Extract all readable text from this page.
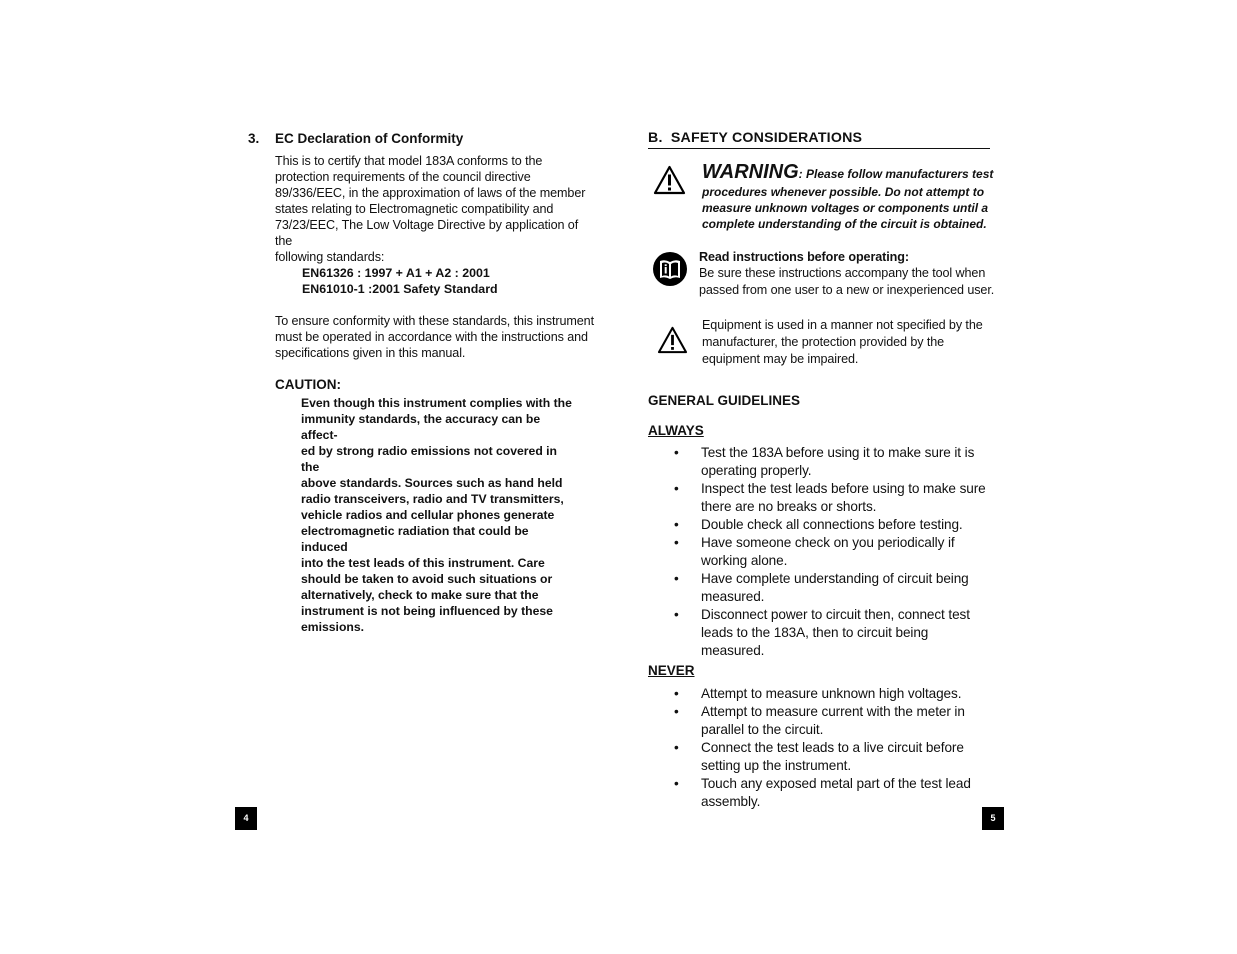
3. EC Declaration of Conformity
This is to certify that model 183A conforms to the
protection requirements of the council directive
89/336/EEC, in the approximation of laws of the member
states relating to Electromagnetic compatibility and
73/23/EEC, The Low Voltage Directive by application of the
following standards:
EN61326 : 1997 + A1 + A2 : 2001
EN61010-1 :2001 Safety Standard
To ensure conformity with these standards, this instrument
must be operated in accordance with the instructions and
specifications given in this manual.
CAUTION:
Even though this instrument complies with the
immunity standards, the accuracy can be affect-
ed by strong radio emissions not covered in the
above standards. Sources such as hand held
radio transceivers, radio and TV transmitters,
vehicle radios and cellular phones generate
electromagnetic radiation that could be induced
into the test leads of this instrument. Care
should be taken to avoid such situations or
alternatively, check to make sure that the
instrument is not being influenced by these
emissions.
4
B. SAFETY CONSIDERATIONS
WARNING: Please follow manufacturers test
procedures whenever possible. Do not attempt to
measure unknown voltages or components until a
complete understanding of the circuit is obtained.
Read instructions before operating:
Be sure these instructions accompany the tool when
passed from one user to a new or inexperienced user.
Equipment is used in a manner not specified by the
manufacturer, the protection provided by the
equipment may be impaired.
GENERAL GUIDELINES
ALWAYS
• Test the 183A before using it to make sure it is
operating properly.
• Inspect the test leads before using to make sure
there are no breaks or shorts.
• Double check all connections before testing.
• Have someone check on you periodically if
working alone.
• Have complete understanding of circuit being
measured.
• Disconnect power to circuit then, connect test
leads to the 183A, then to circuit being
measured.
NEVER
• Attempt to measure unknown high voltages.
• Attempt to measure current with the meter in
parallel to the circuit.
• Connect the test leads to a live circuit before
setting up the instrument.
• Touch any exposed metal part of the test lead
assembly.
5
